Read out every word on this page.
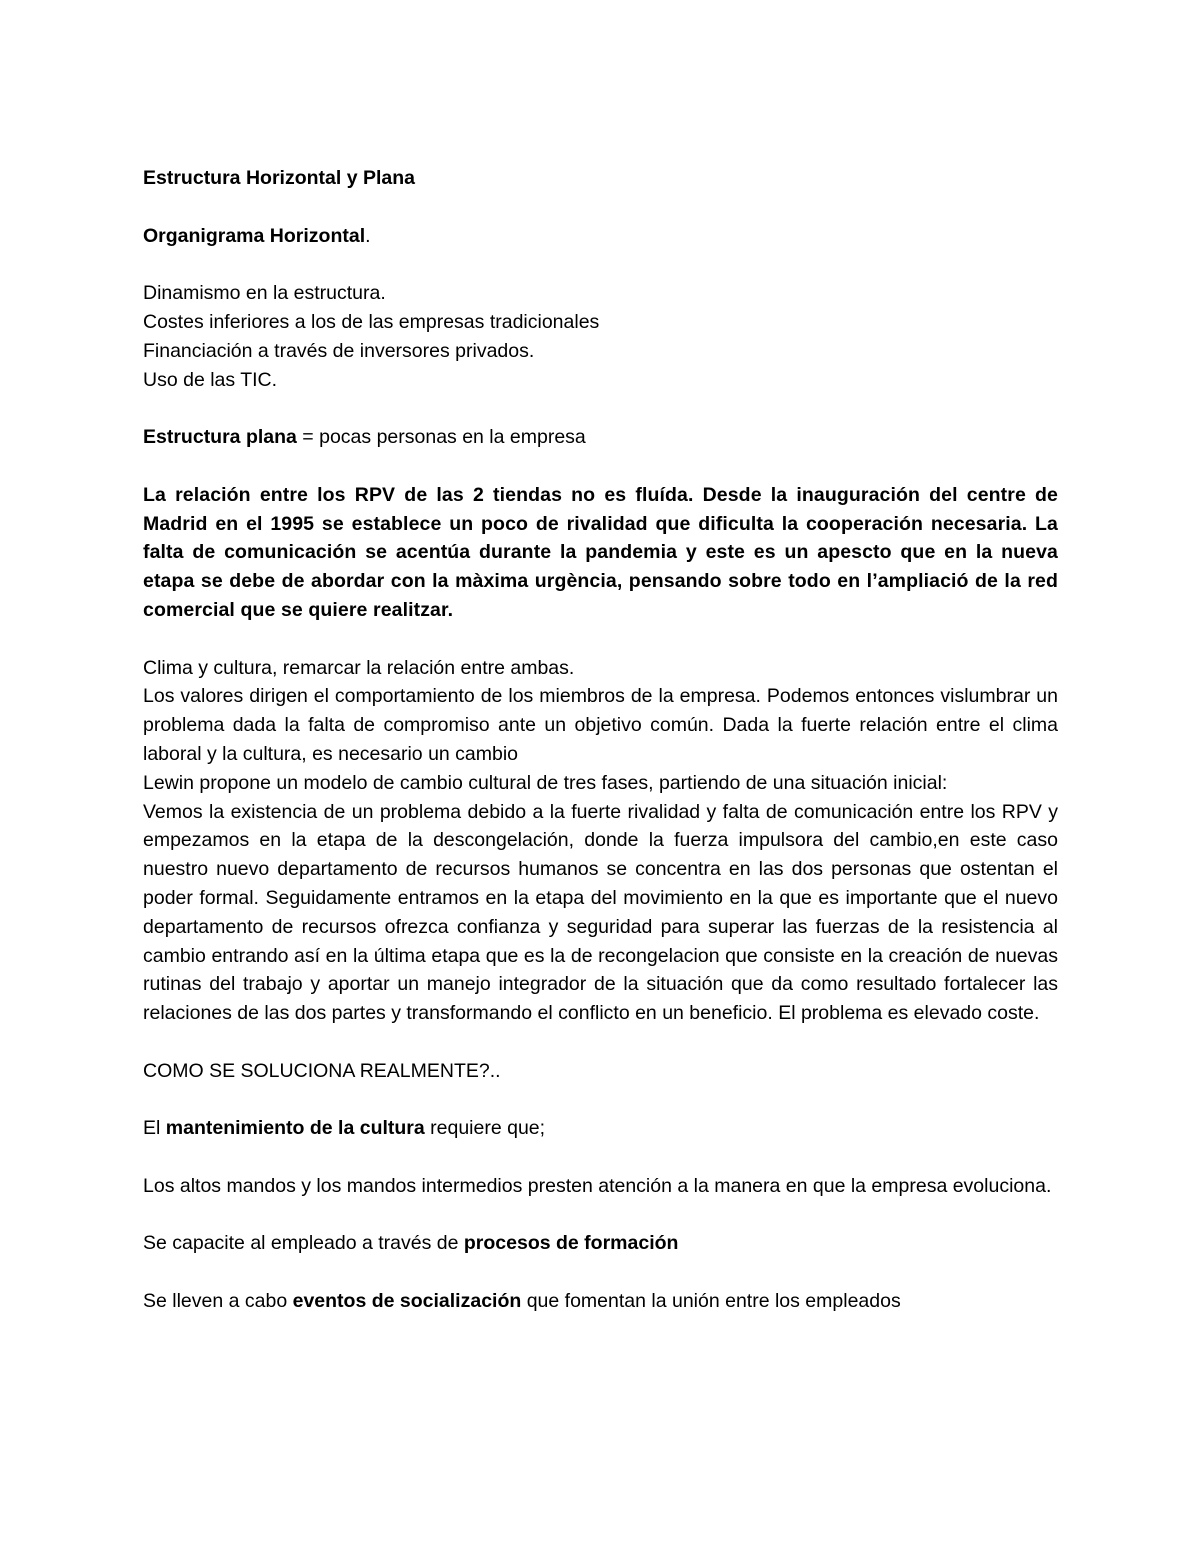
Estructura Horizontal y Plana

Organigrama Horizontal.

Dinamismo en la estructura.

Costes inferiores a los de las empresas tradicionales

Financiación a través de inversores privados.

Uso de las TIC.

Estructura plana = pocas personas en la empresa

La relación entre los RPV de las 2 tiendas no es fluída. Desde la inauguración del centre de Madrid en el 1995 se establece un poco de rivalidad que dificulta la cooperación necesaria. La falta de comunicación se acentúa durante la pandemia y este es un apescto que en la nueva etapa se debe de abordar con la màxima urgència, pensando sobre todo en l’ampliació de la red comercial que se quiere realitzar.

Clima y cultura, remarcar la relación entre ambas.

Los valores dirigen el comportamiento de los miembros de la empresa. Podemos entonces vislumbrar un problema dada la falta de compromiso ante un objetivo común. Dada la fuerte relación entre el clima laboral y la cultura, es necesario un cambio

Lewin propone un modelo de cambio cultural de tres fases, partiendo de una situación inicial:

Vemos la existencia de un problema debido a la fuerte rivalidad y falta de comunicación entre los RPV y empezamos en la etapa de la descongelación, donde la fuerza impulsora del cambio,en este caso nuestro nuevo departamento de recursos humanos se concentra en las dos personas que ostentan el poder formal. Seguidamente entramos en la etapa del movimiento en la que es importante que el nuevo departamento de recursos ofrezca confianza y seguridad para superar las fuerzas de la resistencia al cambio entrando así en la última etapa que es la de recongelacion que consiste en la creación de nuevas rutinas del trabajo y aportar un manejo integrador de la situación que da como resultado fortalecer las relaciones de las dos partes y transformando el conflicto en un beneficio. El problema es elevado coste.

COMO SE SOLUCIONA REALMENTE?..

El mantenimiento de la cultura requiere que;

Los altos mandos y los mandos intermedios presten atención a la manera en que la empresa evoluciona.

Se capacite al empleado a través de procesos de formación

Se lleven a cabo eventos de socialización que fomentan la unión entre los empleados
